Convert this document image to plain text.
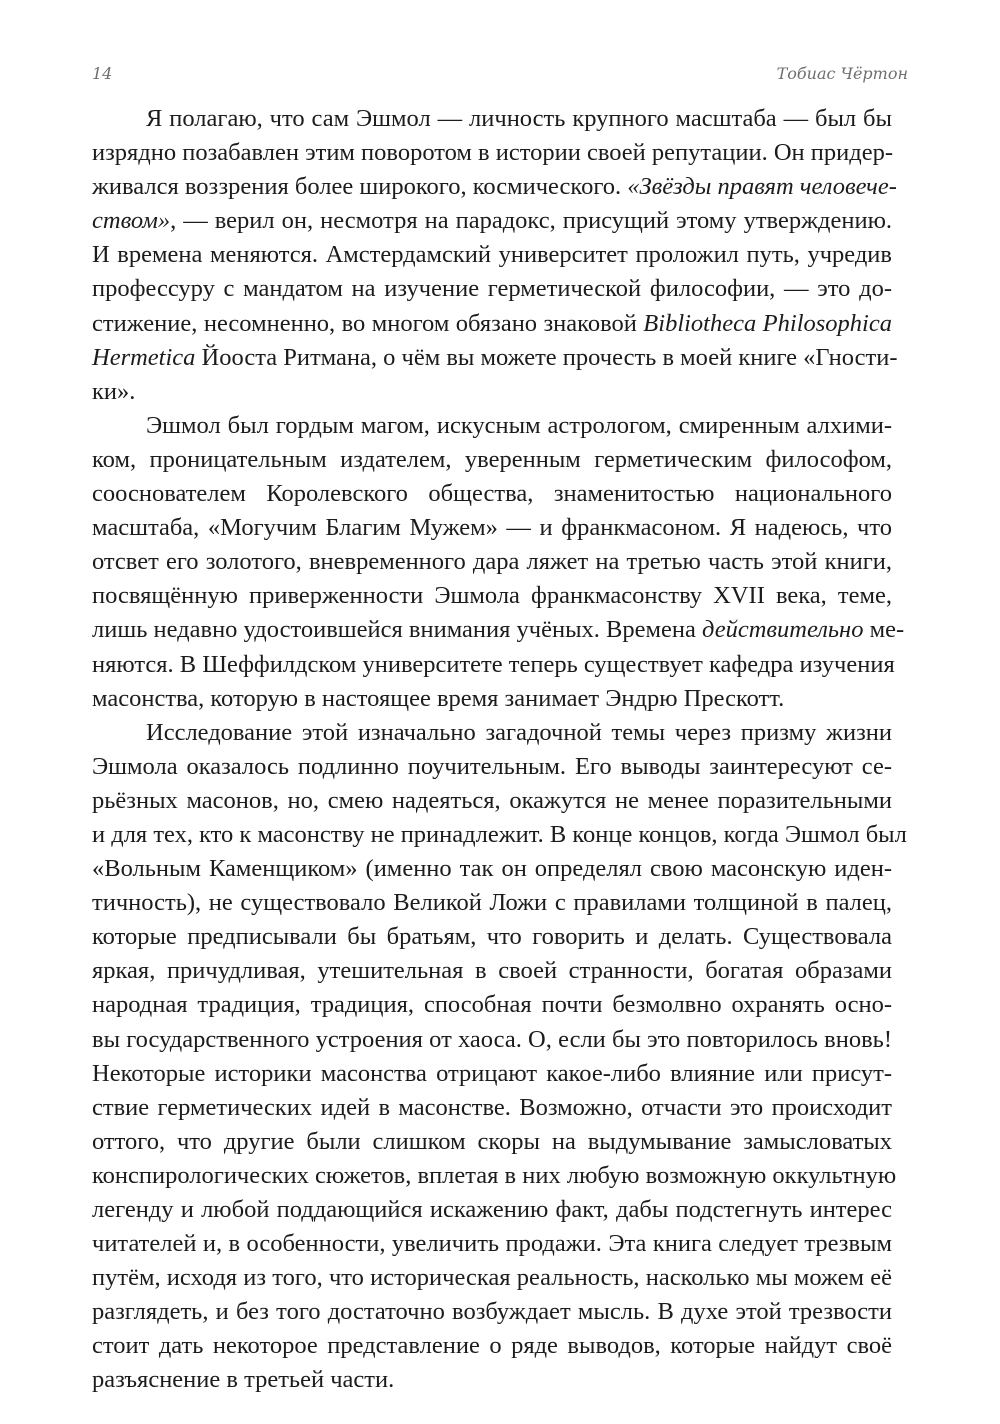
14	Тобиас Чёртон
Я полагаю, что сам Эшмол — личность крупного масштаба — был бы
изрядно позабавлен этим поворотом в истории своей репутации. Он придер-
живался воззрения более широкого, космического. «Звёзды правят человече-
ством», — верил он, несмотря на парадокс, присущий этому утверждению.
И времена меняются. Амстердамский университет проложил путь, учредив
профессуру с мандатом на изучение герметической философии, — это до-
стижение, несомненно, во многом обязано знаковой Bibliotheca Philosophica
Hermetica Йооста Ритмана, о чём вы можете прочесть в моей книге «Гности-
ки».
Эшмол был гордым магом, искусным астрологом, смиренным алхими-
ком, проницательным издателем, уверенным герметическим философом,
сооснователем Королевского общества, знаменитостью национального
масштаба, «Могучим Благим Мужем» — и франкмасоном. Я надеюсь, что
отсвет его золотого, вневременного дара ляжет на третью часть этой книги,
посвящённую приверженности Эшмола франкмасонству XVII века, теме,
лишь недавно удостоившейся внимания учёных. Времена действительно ме-
няются. В Шеффилдском университете теперь существует кафедра изучения
масонства, которую в настоящее время занимает Эндрю Прескотт.
Исследование этой изначально загадочной темы через призму жизни
Эшмола оказалось подлинно поучительным. Его выводы заинтересуют се-
рьёзных масонов, но, смею надеяться, окажутся не менее поразительными
и для тех, кто к масонству не принадлежит. В конце концов, когда Эшмол был
«Вольным Каменщиком» (именно так он определял свою масонскую иден-
тичность), не существовало Великой Ложи с правилами толщиной в палец,
которые предписывали бы братьям, что говорить и делать. Существовала
яркая, причудливая, утешительная в своей странности, богатая образами
народная традиция, традиция, способная почти безмолвно охранять осно-
вы государственного устроения от хаоса. О, если бы это повторилось вновь!
Некоторые историки масонства отрицают какое-либо влияние или присут-
ствие герметических идей в масонстве. Возможно, отчасти это происходит
оттого, что другие были слишком скоры на выдумывание замысловатых
конспирологических сюжетов, вплетая в них любую возможную оккультную
легенду и любой поддающийся искажению факт, дабы подстегнуть интерес
читателей и, в особенности, увеличить продажи. Эта книга следует трезвым
путём, исходя из того, что историческая реальность, насколько мы можем её
разглядеть, и без того достаточно возбуждает мысль. В духе этой трезвости
стоит дать некоторое представление о ряде выводов, которые найдут своё
разъяснение в третьей части.
